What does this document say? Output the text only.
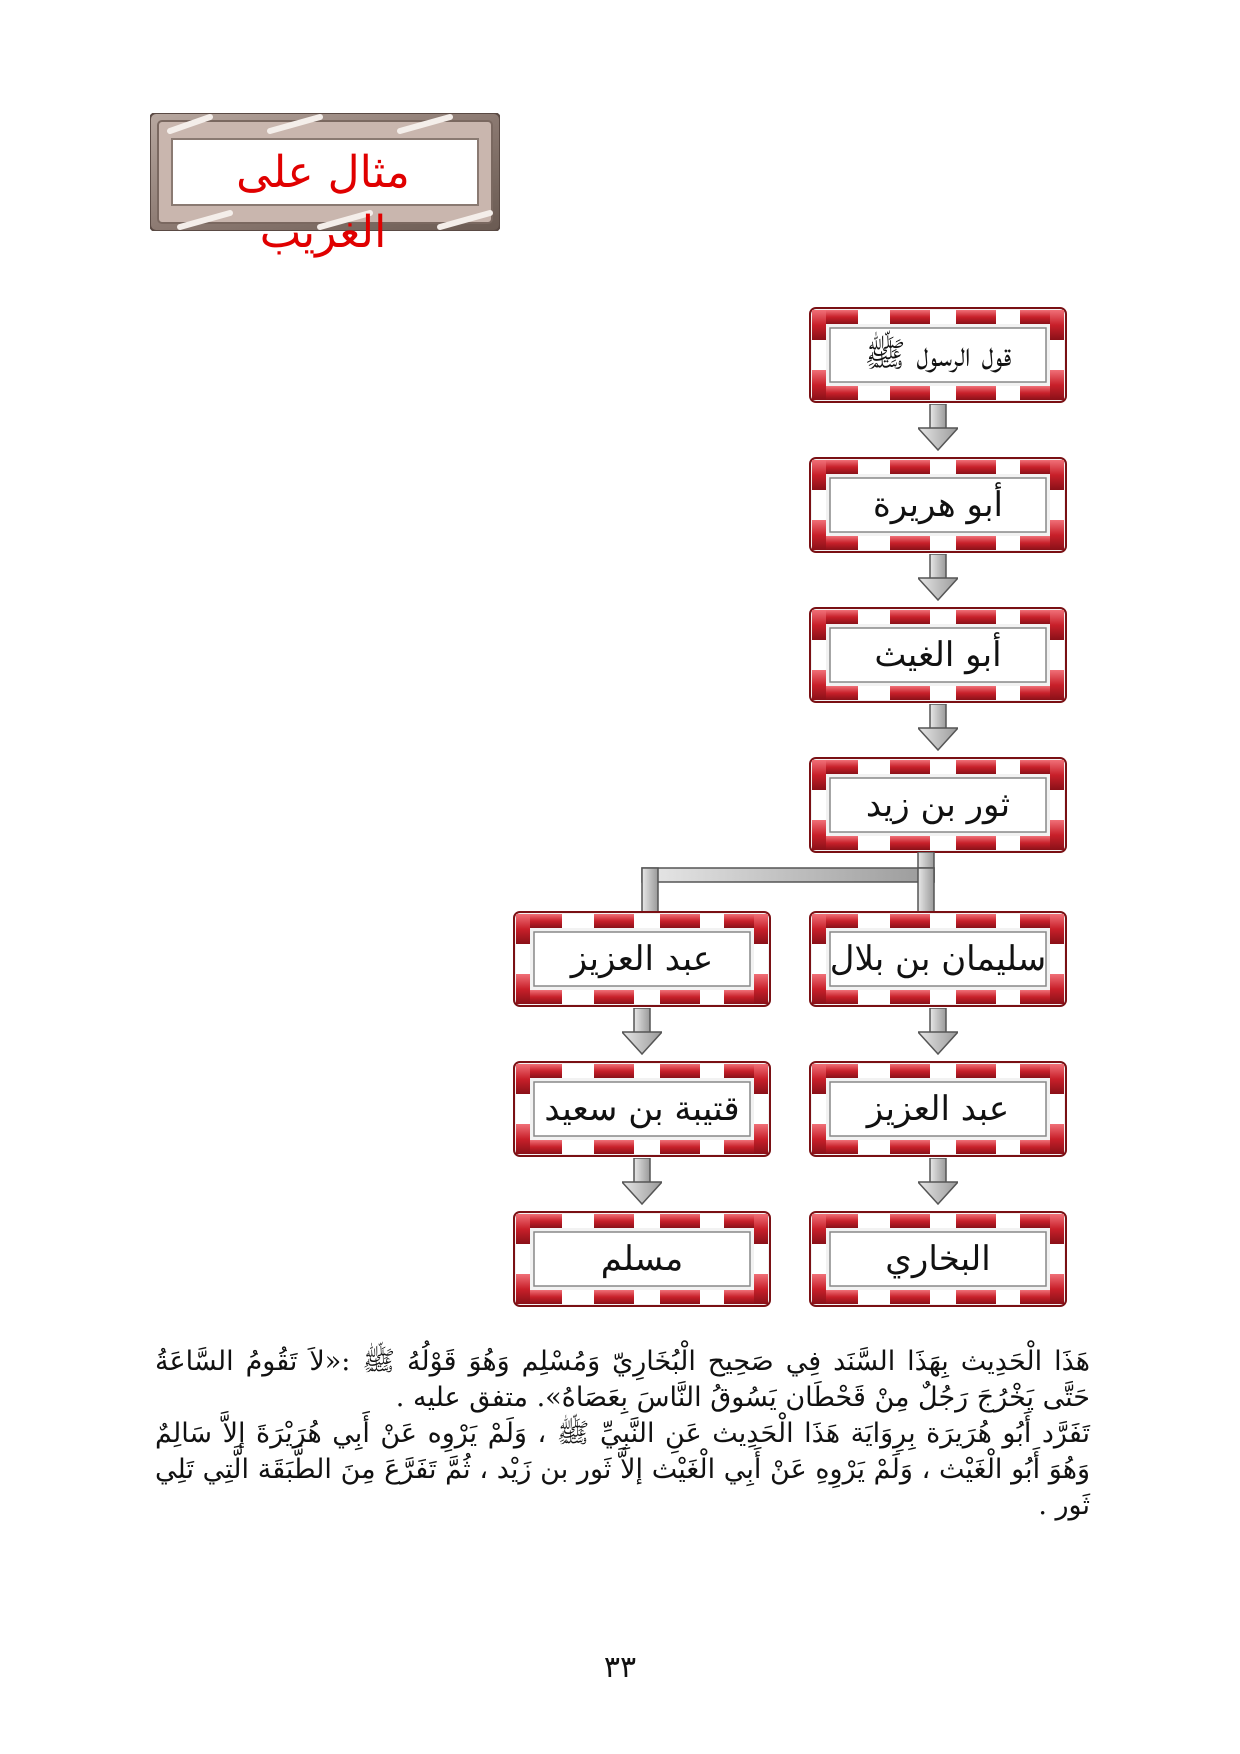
مثال على الغريب
قول الرسول ﷺ
أبو هريرة
أبو الغيث
ثور بن زيد
سليمان بن بلال
عبد العزيز
البخاري
عبد العزيز
قتيبة بن سعيد
مسلم

هَذَا الْحَدِيث بِهَذَا السَّنَد فِي صَحِيح الْبُخَارِيّ وَمُسْلِم وَهُوَ قَوْلُهُ ﷺ :«لاَ تَقُومُ السَّاعَةُ حَتَّى يَخْرُجَ رَجُلٌ مِنْ قَحْطَان يَسُوقُ النَّاسَ بِعَصَاهُ». متفق عليه .

تَفَرَّد أَبُو هُرَيرَة بِرِوَايَة هَذَا الْحَدِيث عَنِ النَّبِيِّ ﷺ ، وَلَمْ يَرْوِه عَنْ أَبِي هُرَيْرَةَ إلاَّ سَالِمٌ وَهُوَ أَبُو الْغَيْث ، وَلَمْ يَرْوِهِ عَنْ أَبِي الْغَيْث إلاَّ ثَور بن زَيْد ، ثُمَّ تَفَرَّعَ مِنَ الطَّبَقَة الَّتِي تَلِي ثَور .

٣٣
